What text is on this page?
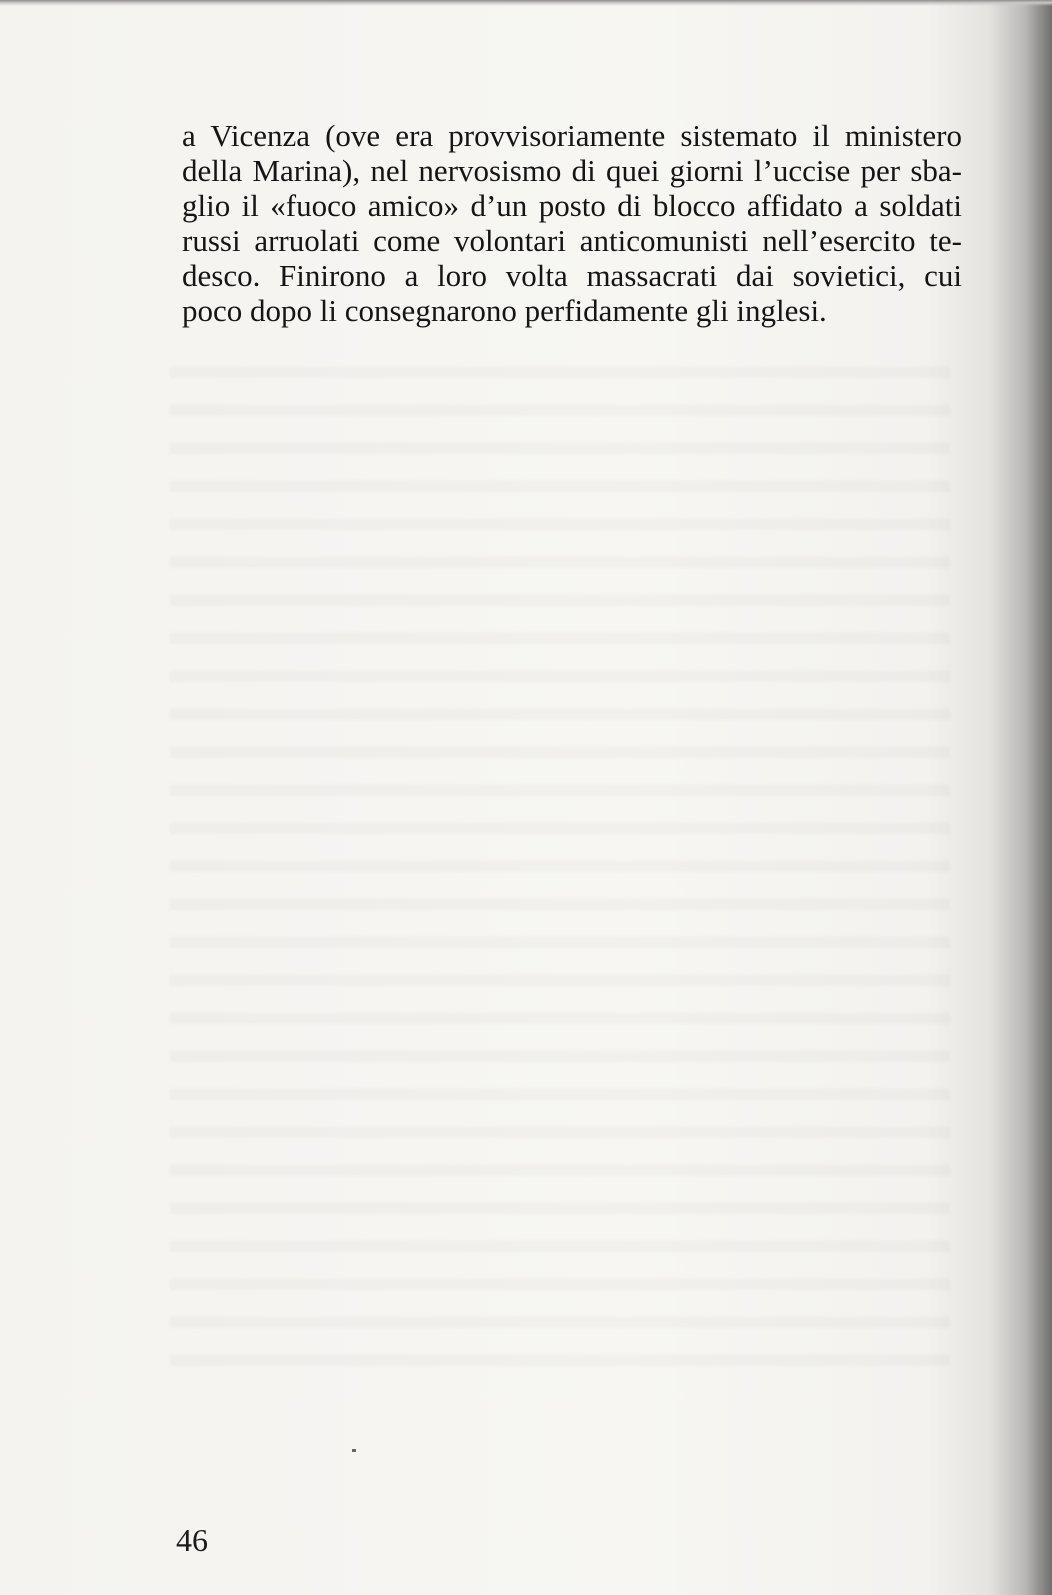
a Vicenza (ove era provvisoriamente sistemato il ministero
della Marina), nel nervosismo di quei giorni l’uccise per sba-
glio il «fuoco amico» d’un posto di blocco affidato a soldati
russi arruolati come volontari anticomunisti nell’esercito te-
desco. Finirono a loro volta massacrati dai sovietici, cui
poco dopo li consegnarono perfidamente gli inglesi.
46
